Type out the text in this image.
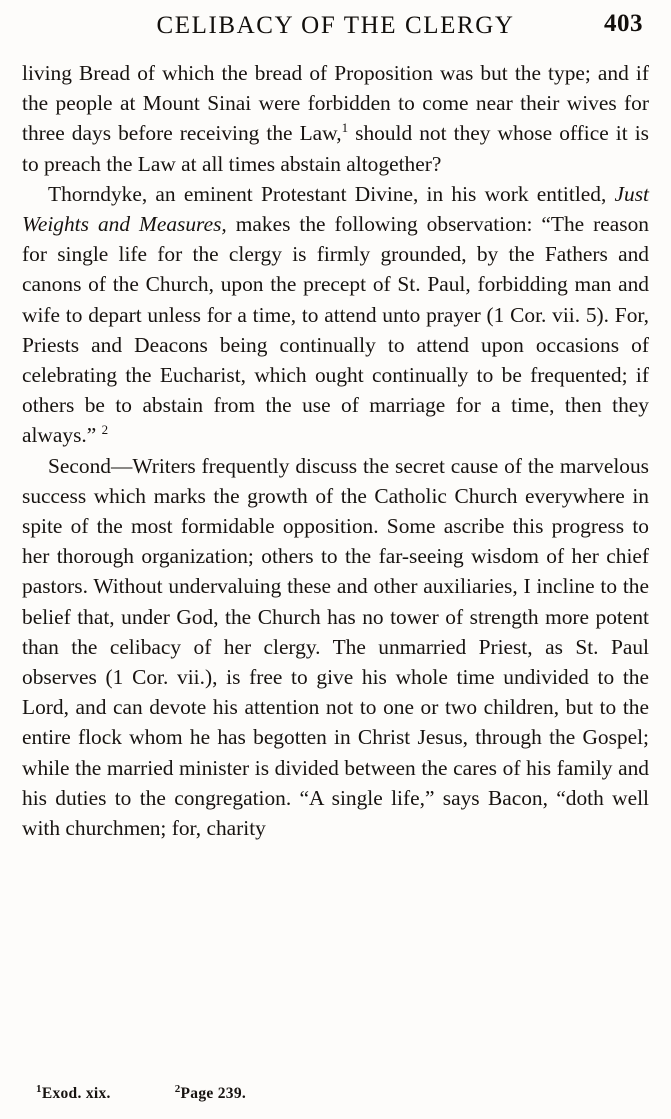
CELIBACY OF THE CLERGY	403

living Bread of which the bread of Proposition was but the type; and if the people at Mount Sinai were forbidden to come near their wives for three days before receiving the Law,$^1$ should not they whose office it is to preach the Law at all times abstain altogether?

Thorndyke, an eminent Protestant Divine, in his work entitled, Just Weights and Measures, makes the following observation: “The reason for single life for the clergy is firmly grounded, by the Fathers and canons of the Church, upon the precept of St. Paul, forbidding man and wife to depart unless for a time, to attend unto prayer (1 Cor. vii. 5). For, Priests and Deacons being continually to attend upon occasions of celebrating the Eucharist, which ought continually to be frequented; if others be to abstain from the use of marriage for a time, then they always.” $^2$

Second—Writers frequently discuss the secret cause of the marvelous success which marks the growth of the Catholic Church everywhere in spite of the most formidable opposition. Some ascribe this progress to her thorough organization; others to the far-seeing wisdom of her chief pastors. Without undervaluing these and other auxiliaries, I incline to the belief that, under God, the Church has no tower of strength more potent than the celibacy of her clergy. The unmarried Priest, as St. Paul observes (1 Cor. vii.), is free to give his whole time undivided to the Lord, and can devote his attention not to one or two children, but to the entire flock whom he has begotten in Christ Jesus, through the Gospel; while the married minister is divided between the cares of his family and his duties to the congregation. “A single life,” says Bacon, “doth well with churchmen; for, charity

$^1$Exod. xix.	$^2$Page 239.
